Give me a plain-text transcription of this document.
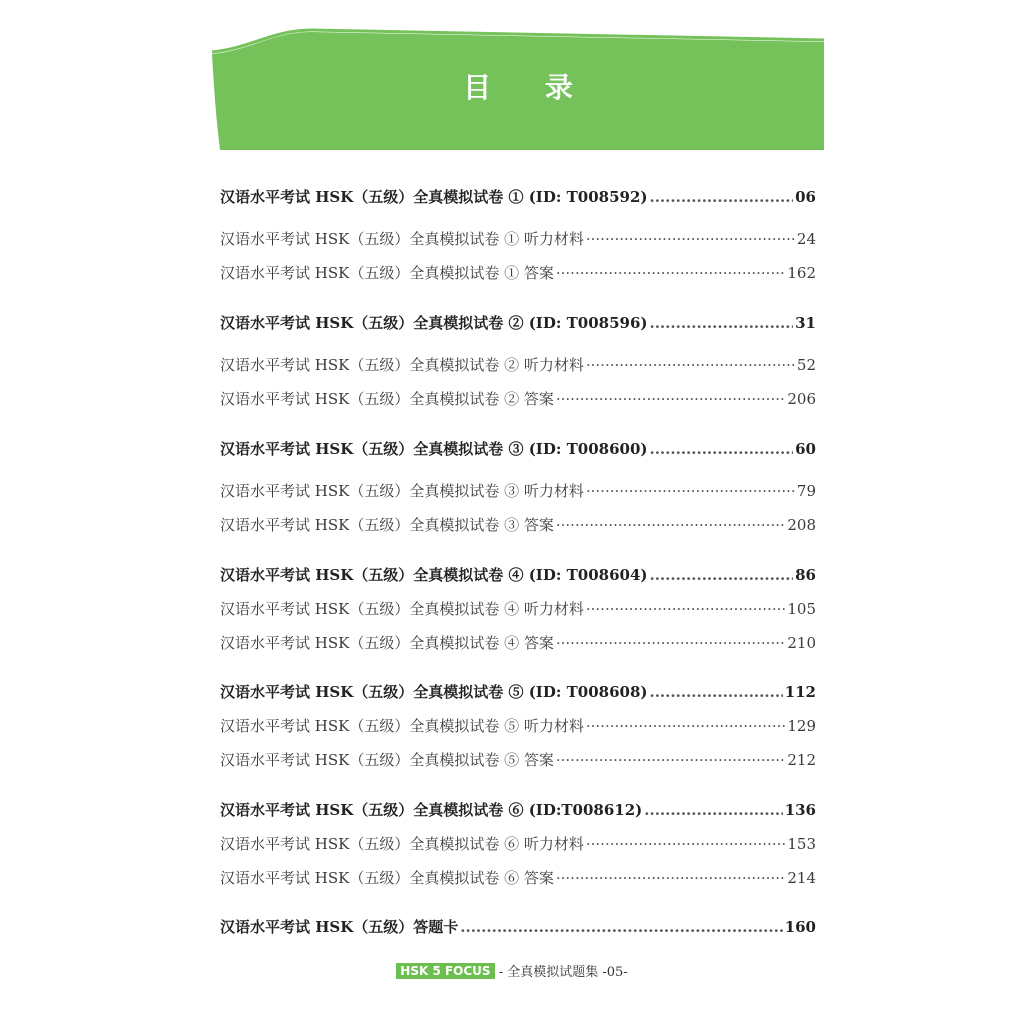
目 录
汉语水平考试 HSK（五级）全真模拟试卷 ① (ID: T008592) .....	06
汉语水平考试 HSK（五级）全真模拟试卷 ① 听力材料 ·····	24
汉语水平考试 HSK（五级）全真模拟试卷 ① 答案 ·····	162
汉语水平考试 HSK（五级）全真模拟试卷 ② (ID: T008596) .....	31
汉语水平考试 HSK（五级）全真模拟试卷 ② 听力材料 ·····	52
汉语水平考试 HSK（五级）全真模拟试卷 ② 答案 ·····	206
汉语水平考试 HSK（五级）全真模拟试卷 ③ (ID: T008600) .....	60
汉语水平考试 HSK（五级）全真模拟试卷 ③ 听力材料 ·····	79
汉语水平考试 HSK（五级）全真模拟试卷 ③ 答案 ·····	208
汉语水平考试 HSK（五级）全真模拟试卷 ④ (ID: T008604) .....	86
汉语水平考试 HSK（五级）全真模拟试卷 ④ 听力材料 ·····	105
汉语水平考试 HSK（五级）全真模拟试卷 ④ 答案 ·····	210
汉语水平考试 HSK（五级）全真模拟试卷 ⑤ (ID: T008608) .....	112
汉语水平考试 HSK（五级）全真模拟试卷 ⑤ 听力材料 ·····	129
汉语水平考试 HSK（五级）全真模拟试卷 ⑤ 答案 ·····	212
汉语水平考试 HSK（五级）全真模拟试卷 ⑥ (ID:T008612) .....	136
汉语水平考试 HSK（五级）全真模拟试卷 ⑥ 听力材料 ·····	153
汉语水平考试 HSK（五级）全真模拟试卷 ⑥ 答案 ·····	214
汉语水平考试 HSK（五级）答题卡 .....	160
HSK 5 FOCUS - 全真模拟试题集 -05-
